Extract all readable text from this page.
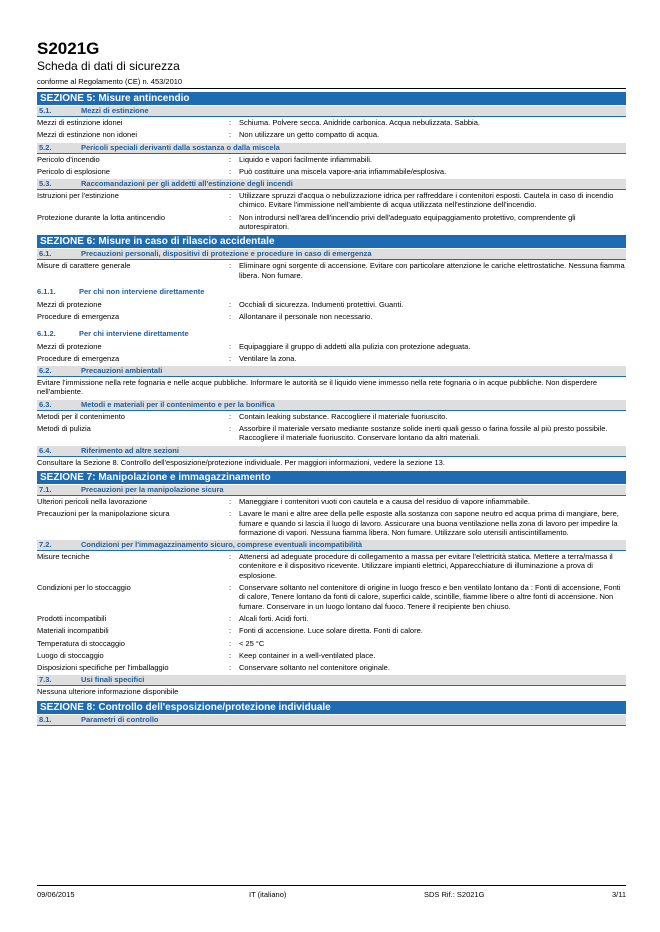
S2021G
Scheda di dati di sicurezza
conforme al Regolamento (CE) n. 453/2010
SEZIONE 5: Misure antincendio
5.1.	Mezzi di estinzione
Mezzi di estinzione idonei	:	Schiuma. Polvere secca. Anidride carbonica. Acqua nebulizzata. Sabbia.
Mezzi di estinzione non idonei	:	Non utilizzare un getto compatto di acqua.
5.2.	Pericoli speciali derivanti dalla sostanza o dalla miscela
Pericolo d'incendio	:	Liquido e vapori facilmente infiammabili.
Pericolo di esplosione	:	Può costituire una miscela vapore-aria infiammabile/esplosiva.
5.3.	Raccomandazioni per gli addetti all'estinzione degli incendi
Istruzioni per l'estinzione	:	Utilizzare spruzzi d'acqua o nebulizzazione idrica per raffreddare i contenitori esposti. Cautela in caso di incendio chimico. Evitare l'immissione nell'ambiente di acqua utilizzata nell'estinzione dell'incendio.
Protezione durante la lotta antincendio	:	Non introdursi nell'area dell'incendio privi dell'adeguato equipaggiamento protettivo, comprendente gli autorespiratori.
SEZIONE 6: Misure in caso di rilascio accidentale
6.1.	Precauzioni personali, dispositivi di protezione e procedure in caso di emergenza
Misure di carattere generale	:	Eliminare ogni sorgente di accensione. Evitare con particolare attenzione le cariche elettrostatiche. Nessuna fiamma libera. Non fumare.
6.1.1.	Per chi non interviene direttamente
Mezzi di protezione	:	Occhiali di sicurezza. Indumenti protettivi. Guanti.
Procedure di emergenza	:	Allontanare il personale non necessario.
6.1.2.	Per chi interviene direttamente
Mezzi di protezione	:	Equipaggiare il gruppo di addetti alla pulizia con protezione adeguata.
Procedure di emergenza	:	Ventilare la zona.
6.2.	Precauzioni ambientali
Evitare l'immissione nella rete fognaria e nelle acque pubbliche. Informare le autorità se il liquido viene immesso nella rete fognaria o in acque pubbliche. Non disperdere nell'ambiente.
6.3.	Metodi e materiali per il contenimento e per la bonifica
Metodi per il contenimento	:	Contain leaking substance. Raccogliere il materiale fuoriuscito.
Metodi di pulizia	:	Assorbire il materiale versato mediante sostanze solide inerti quali gesso o farina fossile al più presto possibile. Raccogliere il materiale fuoriuscito. Conservare lontano da altri materiali.
6.4.	Riferimento ad altre sezioni
Consultare la Sezione 8. Controllo dell'esposizione/protezione individuale. Per maggiori informazioni, vedere la sezione 13.
SEZIONE 7: Manipolazione e immagazzinamento
7.1.	Precauzioni per la manipolazione sicura
Ulteriori pericoli nella lavorazione	:	Maneggiare i contenitori vuoti con cautela e a causa del residuo di vapore infiammabile.
Precauzioni per la manipolazione sicura	:	Lavare le mani e altre aree della pelle esposte alla sostanza con sapone neutro ed acqua prima di mangiare, bere, fumare e quando si lascia il luogo di lavoro. Assicurare una buona ventilazione nella zona di lavoro per impedire la formazione di vapori. Nessuna fiamma libera. Non fumare. Utilizzare solo utensili antiscintillamento.
7.2.	Condizioni per l'immagazzinamento sicuro, comprese eventuali incompatibilità
Misure tecniche	:	Attenersi ad adeguate procedure di collegamento a massa per evitare l'elettricità statica. Mettere a terra/massa il contenitore e il dispositivo ricevente. Utilizzare impianti elettrici, Apparecchiature di illuminazione a prova di esplosione.
Condizioni per lo stoccaggio	:	Conservare soltanto nel contenitore di origine in luogo fresco e ben ventilato lontano da : Fonti di accensione, Fonti di calore, Tenere lontano da fonti di calore, superfici calde, scintille, fiamme libere o altre fonti di accensione. Non fumare. Conservare in un luogo lontano dal fuoco. Tenere il recipiente ben chiuso.
Prodotti incompatibili	:	Alcali forti. Acidi forti.
Materiali incompatibili	:	Fonti di accensione. Luce solare diretta. Fonti di calore.
Temperatura di stoccaggio	:	< 25 °C
Luogo di stoccaggio	:	Keep container in a well-ventilated place.
Disposizioni specifiche per l'imballaggio	:	Conservare soltanto nel contenitore originale.
7.3.	Usi finali specifici
Nessuna ulteriore informazione disponibile
SEZIONE 8: Controllo dell'esposizione/protezione individuale
8.1.	Parametri di controllo
09/06/2015	IT (italiano)	SDS Rif.: S2021G	3/11
